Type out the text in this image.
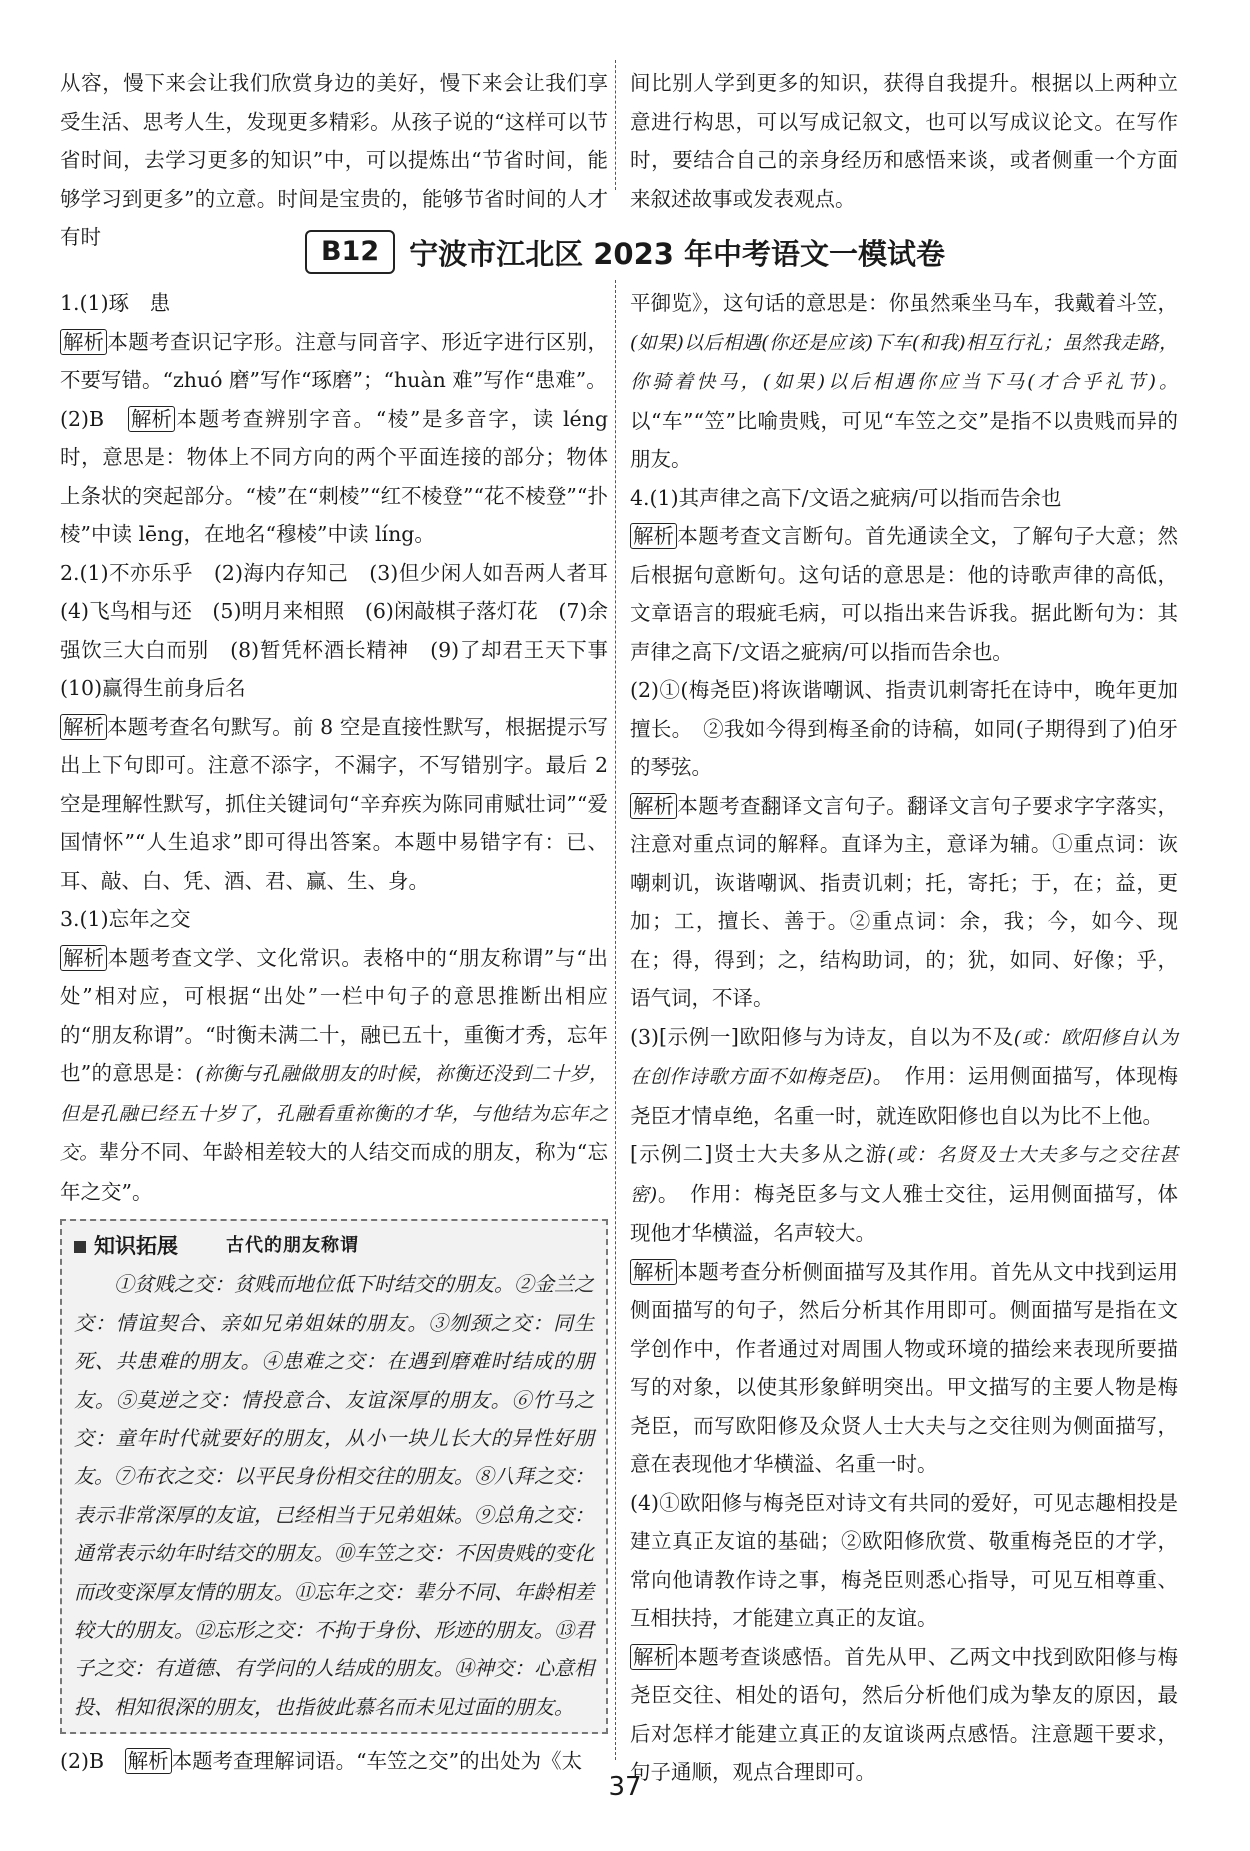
从容，慢下来会让我们欣赏身边的美好，慢下来会让我们享受生活、思考人生，发现更多精彩。从孩子说的“这样可以节省时间，去学习更多的知识”中，可以提炼出“节省时间，能够学习到更多”的立意。时间是宝贵的，能够节省时间的人才有时

间比别人学到更多的知识，获得自我提升。根据以上两种立意进行构思，可以写成记叙文，也可以写成议论文。在写作时，要结合自己的亲身经历和感悟来谈，或者侧重一个方面来叙述故事或发表观点。

B12	宁波市江北区 2023 年中考语文一模试卷

1.(1)琢　患

解析 本题考查识记字形。注意与同音字、形近字进行区别，不要写错。“zhuó 磨”写作“琢磨”；“huàn 难”写作“患难”。

(2)B　 解析 本题考查辨别字音。“棱”是多音字，读 léng 时，意思是：物体上不同方向的两个平面连接的部分；物体上条状的突起部分。“棱”在“刺棱”“红不棱登”“花不棱登”“扑棱”中读 lēng，在地名“穆棱”中读 líng。

2.(1)不亦乐乎　(2)海内存知己　(3)但少闲人如吾两人者耳　(4)飞鸟相与还　(5)明月来相照　(6)闲敲棋子落灯花　(7)余强饮三大白而别　(8)暂凭杯酒长精神　(9)了却君王天下事　(10)赢得生前身后名

解析 本题考查名句默写。前 8 空是直接性默写，根据提示写出上下句即可。注意不添字，不漏字，不写错别字。最后 2 空是理解性默写，抓住关键词句“辛弃疾为陈同甫赋壮词”“爱国情怀”“人生追求”即可得出答案。本题中易错字有：已、耳、敲、白、凭、酒、君、赢、生、身。

3.(1)忘年之交

解析 本题考查文学、文化常识。表格中的“朋友称谓”与“出处”相对应，可根据“出处”一栏中句子的意思推断出相应的“朋友称谓”。“时衡未满二十，融已五十，重衡才秀，忘年也”的意思是：(祢衡与孔融做朋友的时候，祢衡还没到二十岁，但是孔融已经五十岁了，孔融看重祢衡的才华，与他结为忘年之交。辈分不同、年龄相差较大的人结交而成的朋友，称为“忘年之交”。

知识拓展	古代的朋友称谓

①贫贱之交：贫贱而地位低下时结交的朋友。②金兰之交：情谊契合、亲如兄弟姐妹的朋友。③刎颈之交：同生死、共患难的朋友。④患难之交：在遇到磨难时结成的朋友。⑤莫逆之交：情投意合、友谊深厚的朋友。⑥竹马之交：童年时代就要好的朋友，从小一块儿长大的异性好朋友。⑦布衣之交：以平民身份相交往的朋友。⑧八拜之交：表示非常深厚的友谊，已经相当于兄弟姐妹。⑨总角之交：通常表示幼年时结交的朋友。⑩车笠之交：不因贵贱的变化而改变深厚友情的朋友。⑪忘年之交：辈分不同、年龄相差较大的朋友。⑫忘形之交：不拘于身份、形迹的朋友。⑬君子之交：有道德、有学问的人结成的朋友。⑭神交：心意相投、相知很深的朋友，也指彼此慕名而未见过面的朋友。

(2)B　 解析 本题考查理解词语。“车笠之交”的出处为《太

平御览》，这句话的意思是：你虽然乘坐马车，我戴着斗笠，(如果)以后相遇(你还是应该)下车(和我)相互行礼；虽然我走路，你骑着快马，(如果)以后相遇你应当下马(才合乎礼节)。以“车”“笠”比喻贵贱，可见“车笠之交”是指不以贵贱而异的朋友。

4.(1)其声律之高下/文语之疵病/可以指而告余也

解析 本题考查文言断句。首先通读全文，了解句子大意；然后根据句意断句。这句话的意思是：他的诗歌声律的高低，文章语言的瑕疵毛病，可以指出来告诉我。据此断句为：其声律之高下/文语之疵病/可以指而告余也。

(2)①(梅尧臣)将诙谐嘲讽、指责讥刺寄托在诗中，晚年更加擅长。　②我如今得到梅圣俞的诗稿，如同(子期得到了)伯牙的琴弦。

解析 本题考查翻译文言句子。翻译文言句子要求字字落实，注意对重点词的解释。直译为主，意译为辅。①重点词：诙嘲刺讥，诙谐嘲讽、指责讥刺；托，寄托；于，在；益，更加；工，擅长、善于。②重点词：余，我；今，如今、现在；得，得到；之，结构助词，的；犹，如同、好像；乎，语气词，不译。

(3)[示例一]欧阳修与为诗友，自以为不及(或：欧阳修自认为在创作诗歌方面不如梅尧臣)。　作用：运用侧面描写，体现梅尧臣才情卓绝，名重一时，就连欧阳修也自以为比不上他。

[示例二]贤士大夫多从之游(或：名贤及士大夫多与之交往甚密)。　作用：梅尧臣多与文人雅士交往，运用侧面描写，体现他才华横溢，名声较大。

解析 本题考查分析侧面描写及其作用。首先从文中找到运用侧面描写的句子，然后分析其作用即可。侧面描写是指在文学创作中，作者通过对周围人物或环境的描绘来表现所要描写的对象，以使其形象鲜明突出。甲文描写的主要人物是梅尧臣，而写欧阳修及众贤人士大夫与之交往则为侧面描写，意在表现他才华横溢、名重一时。

(4)①欧阳修与梅尧臣对诗文有共同的爱好，可见志趣相投是建立真正友谊的基础；②欧阳修欣赏、敬重梅尧臣的才学，常向他请教作诗之事，梅尧臣则悉心指导，可见互相尊重、互相扶持，才能建立真正的友谊。

解析 本题考查谈感悟。首先从甲、乙两文中找到欧阳修与梅尧臣交往、相处的语句，然后分析他们成为挚友的原因，最后对怎样才能建立真正的友谊谈两点感悟。注意题干要求，句子通顺，观点合理即可。

37
